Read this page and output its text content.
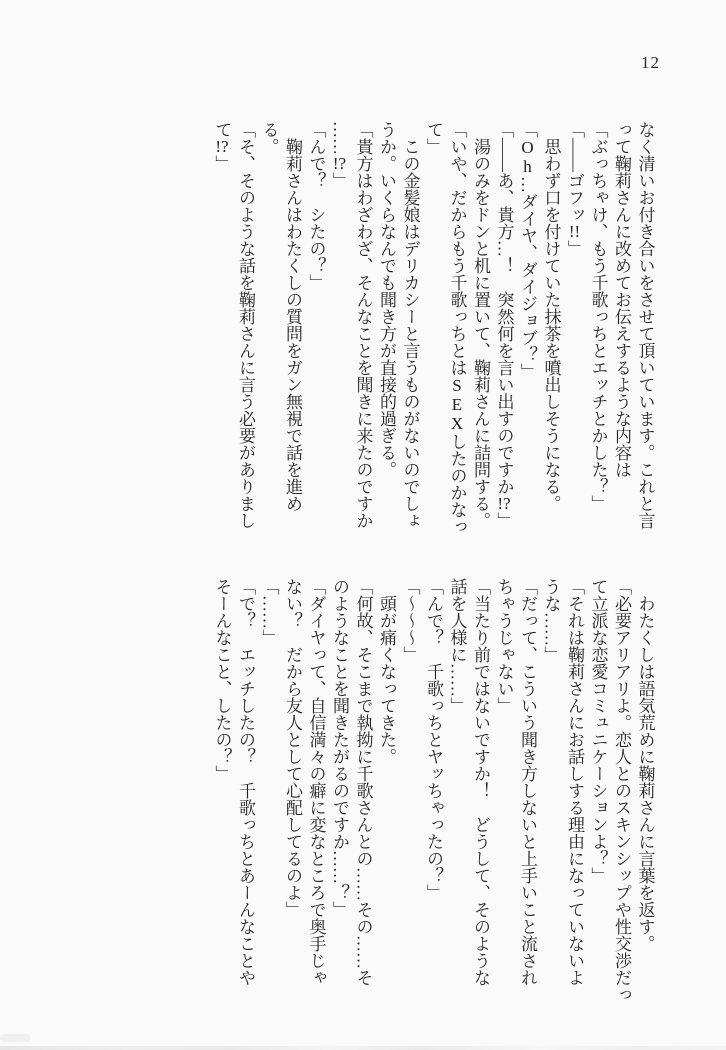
12

なく清いお付き合いをさせて頂いています。これと言

って鞠莉さんに改めてお伝えするような内容は

「ぶっちゃけ、もう千歌っちとエッチとかした？」

「――ゴフッ!!」

　思わず口を付けていた抹茶を噴出しそうになる。

「Oh…ダイヤ、ダイジョブ？」

「――あ、貴方…！　突然何を言い出すのですか!?」

　湯のみをドンと机に置いて、鞠莉さんに詰問する。

「いや、だからもう千歌っちとはSEXしたのかなっ

て」

　この金髪娘はデリカシーと言うものがないのでしょ

うか。いくらなんでも聞き方が直接的過ぎる。

「貴方はわざわざ、そんなことを聞きに来たのですか

……!?」

「んで？　シたの？」

　鞠莉さんはわたくしの質問をガン無視で話を進め

る。

「そ、そのような話を鞠莉さんに言う必要がありまし

て!?」

　わたくしは語気荒めに鞠莉さんに言葉を返す。

「必要アリアリよ。恋人とのスキンシップや性交渉だっ

て立派な恋愛コミュニケーションよ？」

「それは鞠莉さんにお話しする理由になっていないよ

うな……」

「だって、こういう聞き方しないと上手いこと流され

ちゃうじゃない」

「当たり前ではないですか！　どうして、そのような

話を人様に……」

「んで？　千歌っちとヤッちゃったの？」

「～～～」

　頭が痛くなってきた。

「何故、そこまで執拗に千歌さんとの……その……そ

のようなことを聞きたがるのですか……？」

「ダイヤって、自信満々の癖に変なところで奥手じゃ

ない？　だから友人として心配してるのよ」

「……」

「で？　エッチしたの？　千歌っちとあーんなことや

そーんなこと、したの？」
